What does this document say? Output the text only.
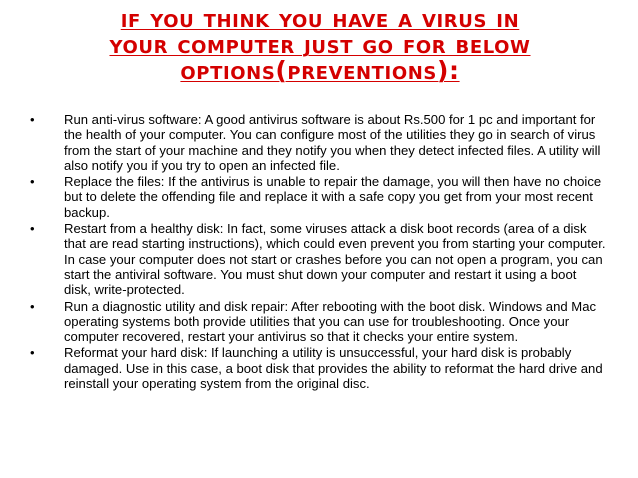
if you think you have a virus in
your computer just go for below
options(preventions):
• Run anti-virus software: A good antivirus software is about Rs.500 for 1 pc and important for the health of your computer. You can configure most of the utilities they go in search of virus from the start of your machine and they notify you when they detect infected files. A utility will also notify you if you try to open an infected file.
• Replace the files: If the antivirus is unable to repair the damage, you will then have no choice but to delete the offending file and replace it with a safe copy you get from your most recent backup.
• Restart from a healthy disk: In fact, some viruses attack a disk boot records (area of a disk that are read starting instructions), which could even prevent you from starting your computer. In case your computer does not start or crashes before you can not open a program, you can start the antiviral software. You must shut down your computer and restart it using a boot disk, write-protected.
• Run a diagnostic utility and disk repair: After rebooting with the boot disk. Windows and Mac operating systems both provide utilities that you can use for troubleshooting. Once your computer recovered, restart your antivirus so that it checks your entire system.
• Reformat your hard disk: If launching a utility is unsuccessful, your hard disk is probably damaged. Use in this case, a boot disk that provides the ability to reformat the hard drive and reinstall your operating system from the original disc.
